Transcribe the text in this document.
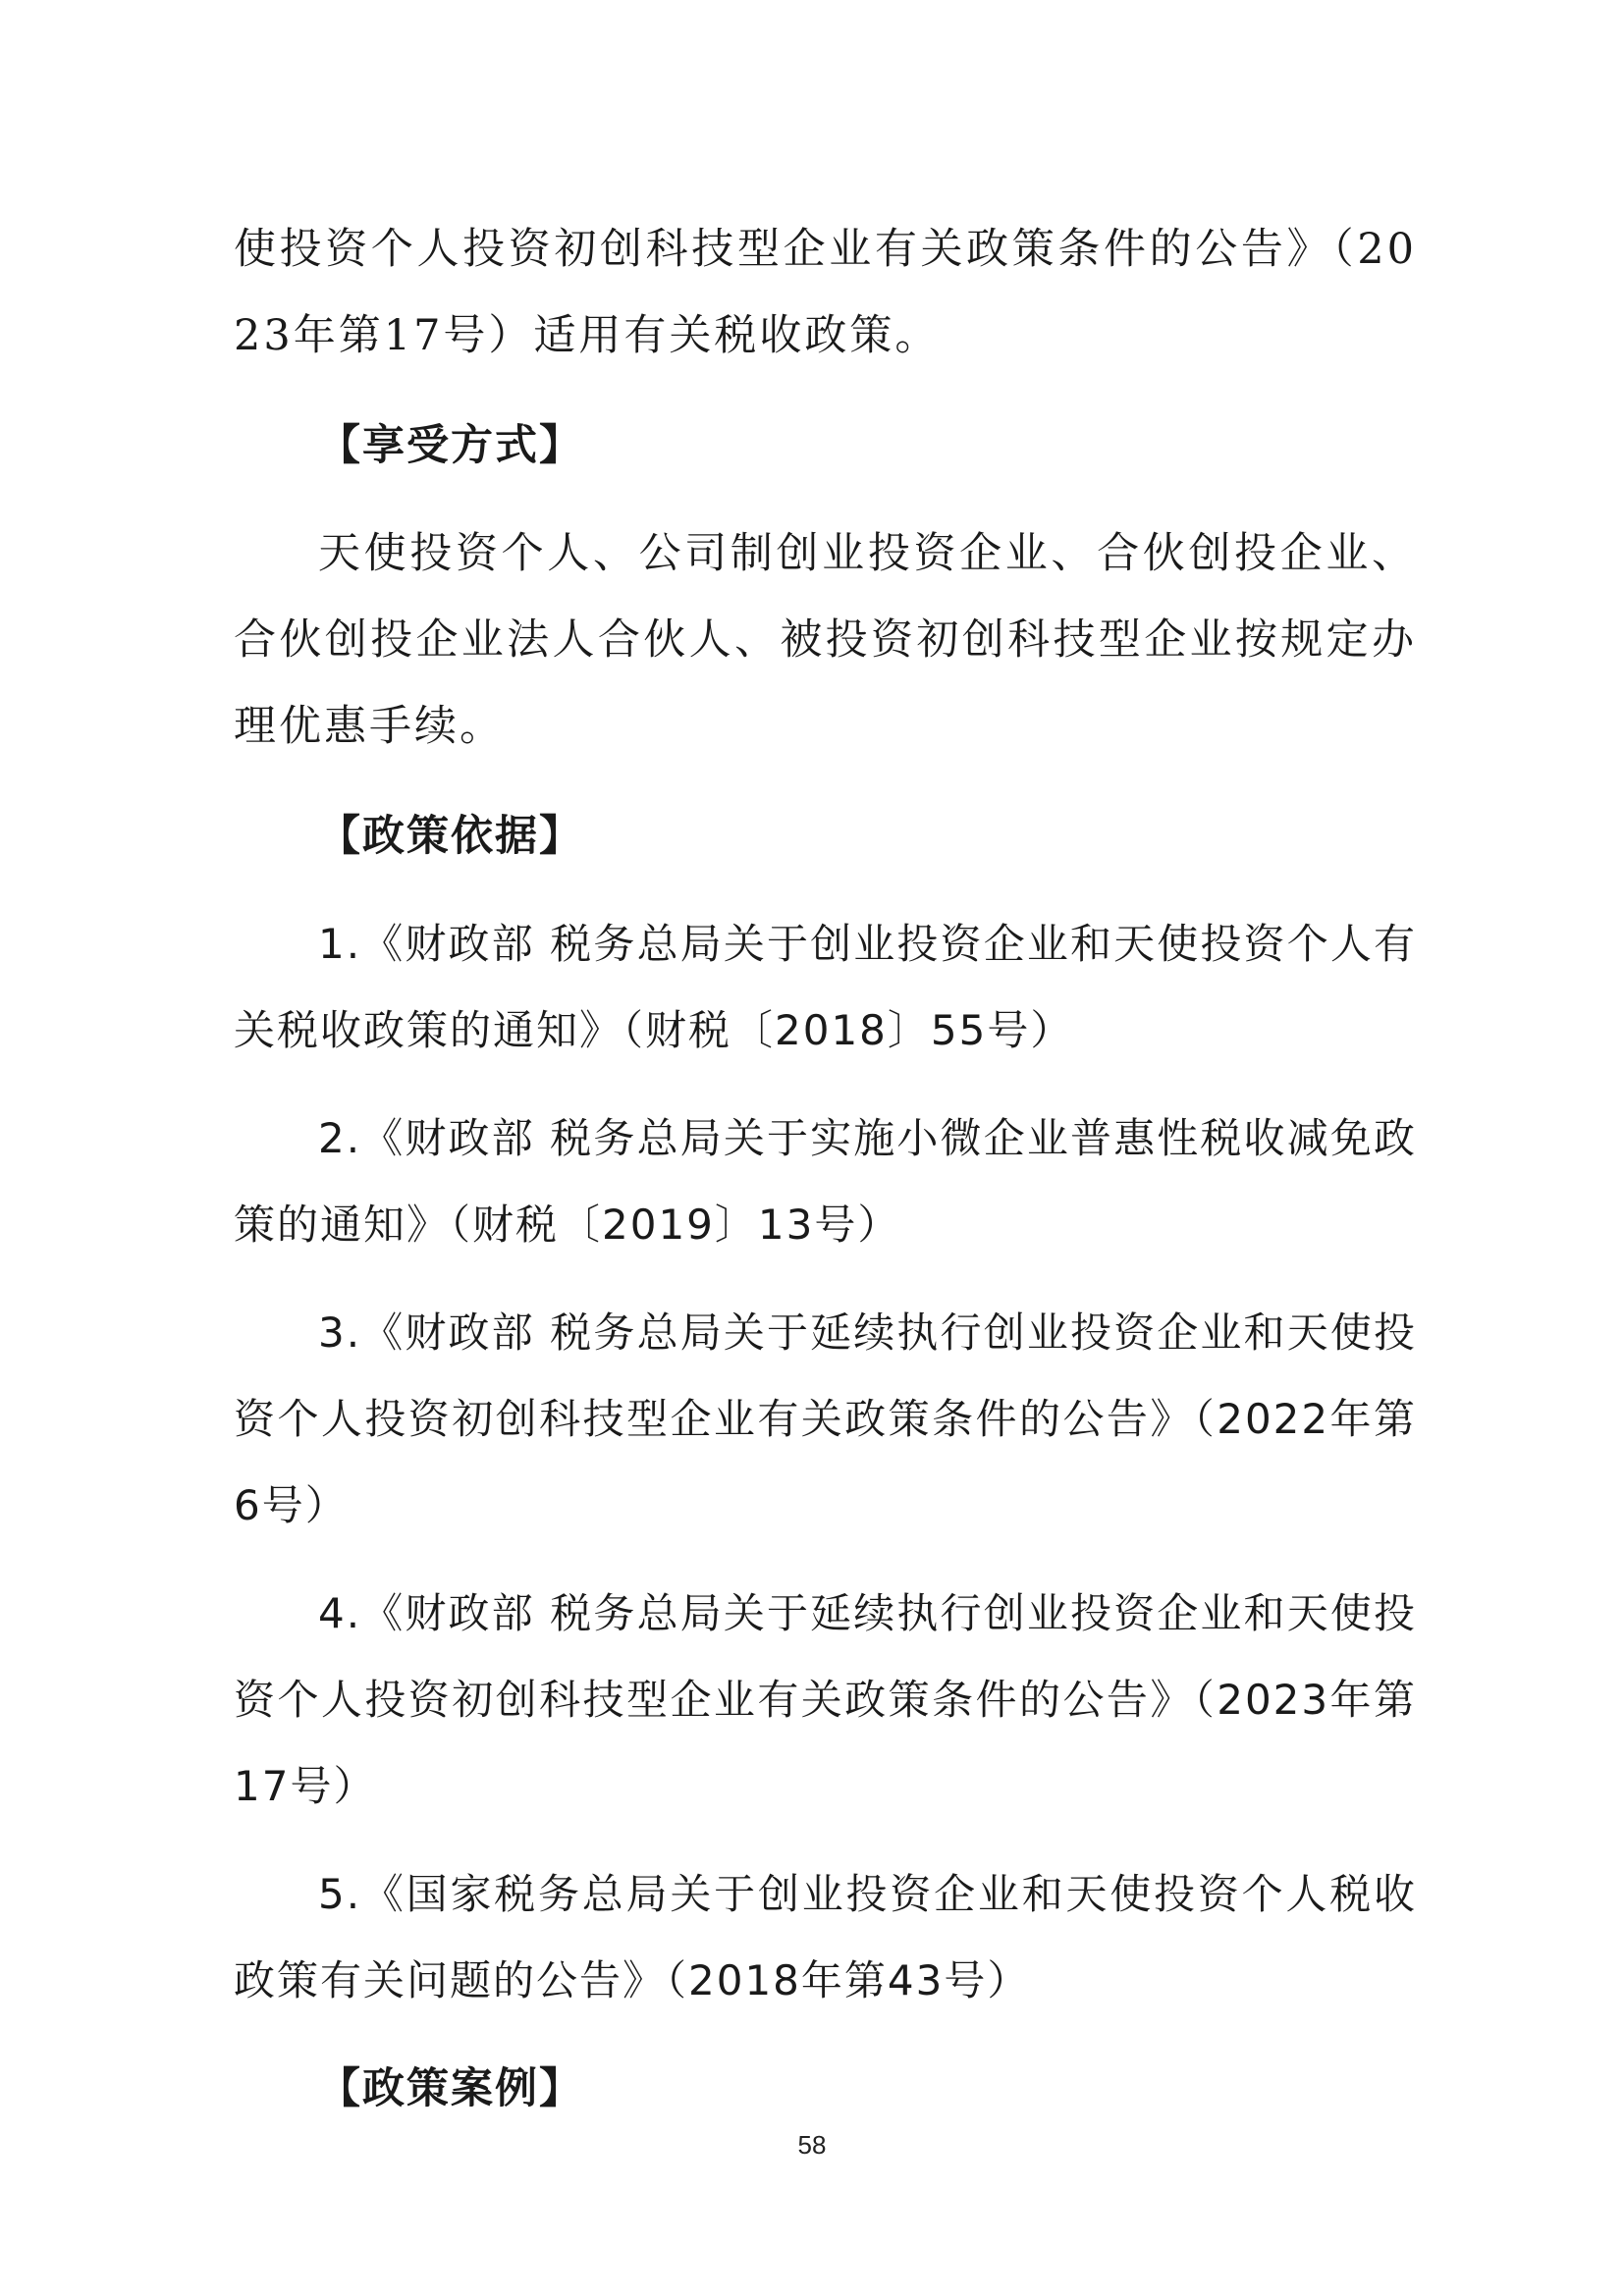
使投资个人投资初创科技型企业有关政策条件的公告》（2023年第17号）适用有关税收政策。

【享受方式】

天使投资个人、公司制创业投资企业、合伙创投企业、合伙创投企业法人合伙人、被投资初创科技型企业按规定办理优惠手续。

【政策依据】

1.《财政部 税务总局关于创业投资企业和天使投资个人有关税收政策的通知》（财税〔2018〕55号）

2.《财政部 税务总局关于实施小微企业普惠性税收减免政策的通知》（财税〔2019〕13号）

3.《财政部 税务总局关于延续执行创业投资企业和天使投资个人投资初创科技型企业有关政策条件的公告》（2022年第6号）

4.《财政部 税务总局关于延续执行创业投资企业和天使投资个人投资初创科技型企业有关政策条件的公告》（2023年第17号）

5.《国家税务总局关于创业投资企业和天使投资个人税收政策有关问题的公告》（2018年第43号）

【政策案例】

58
